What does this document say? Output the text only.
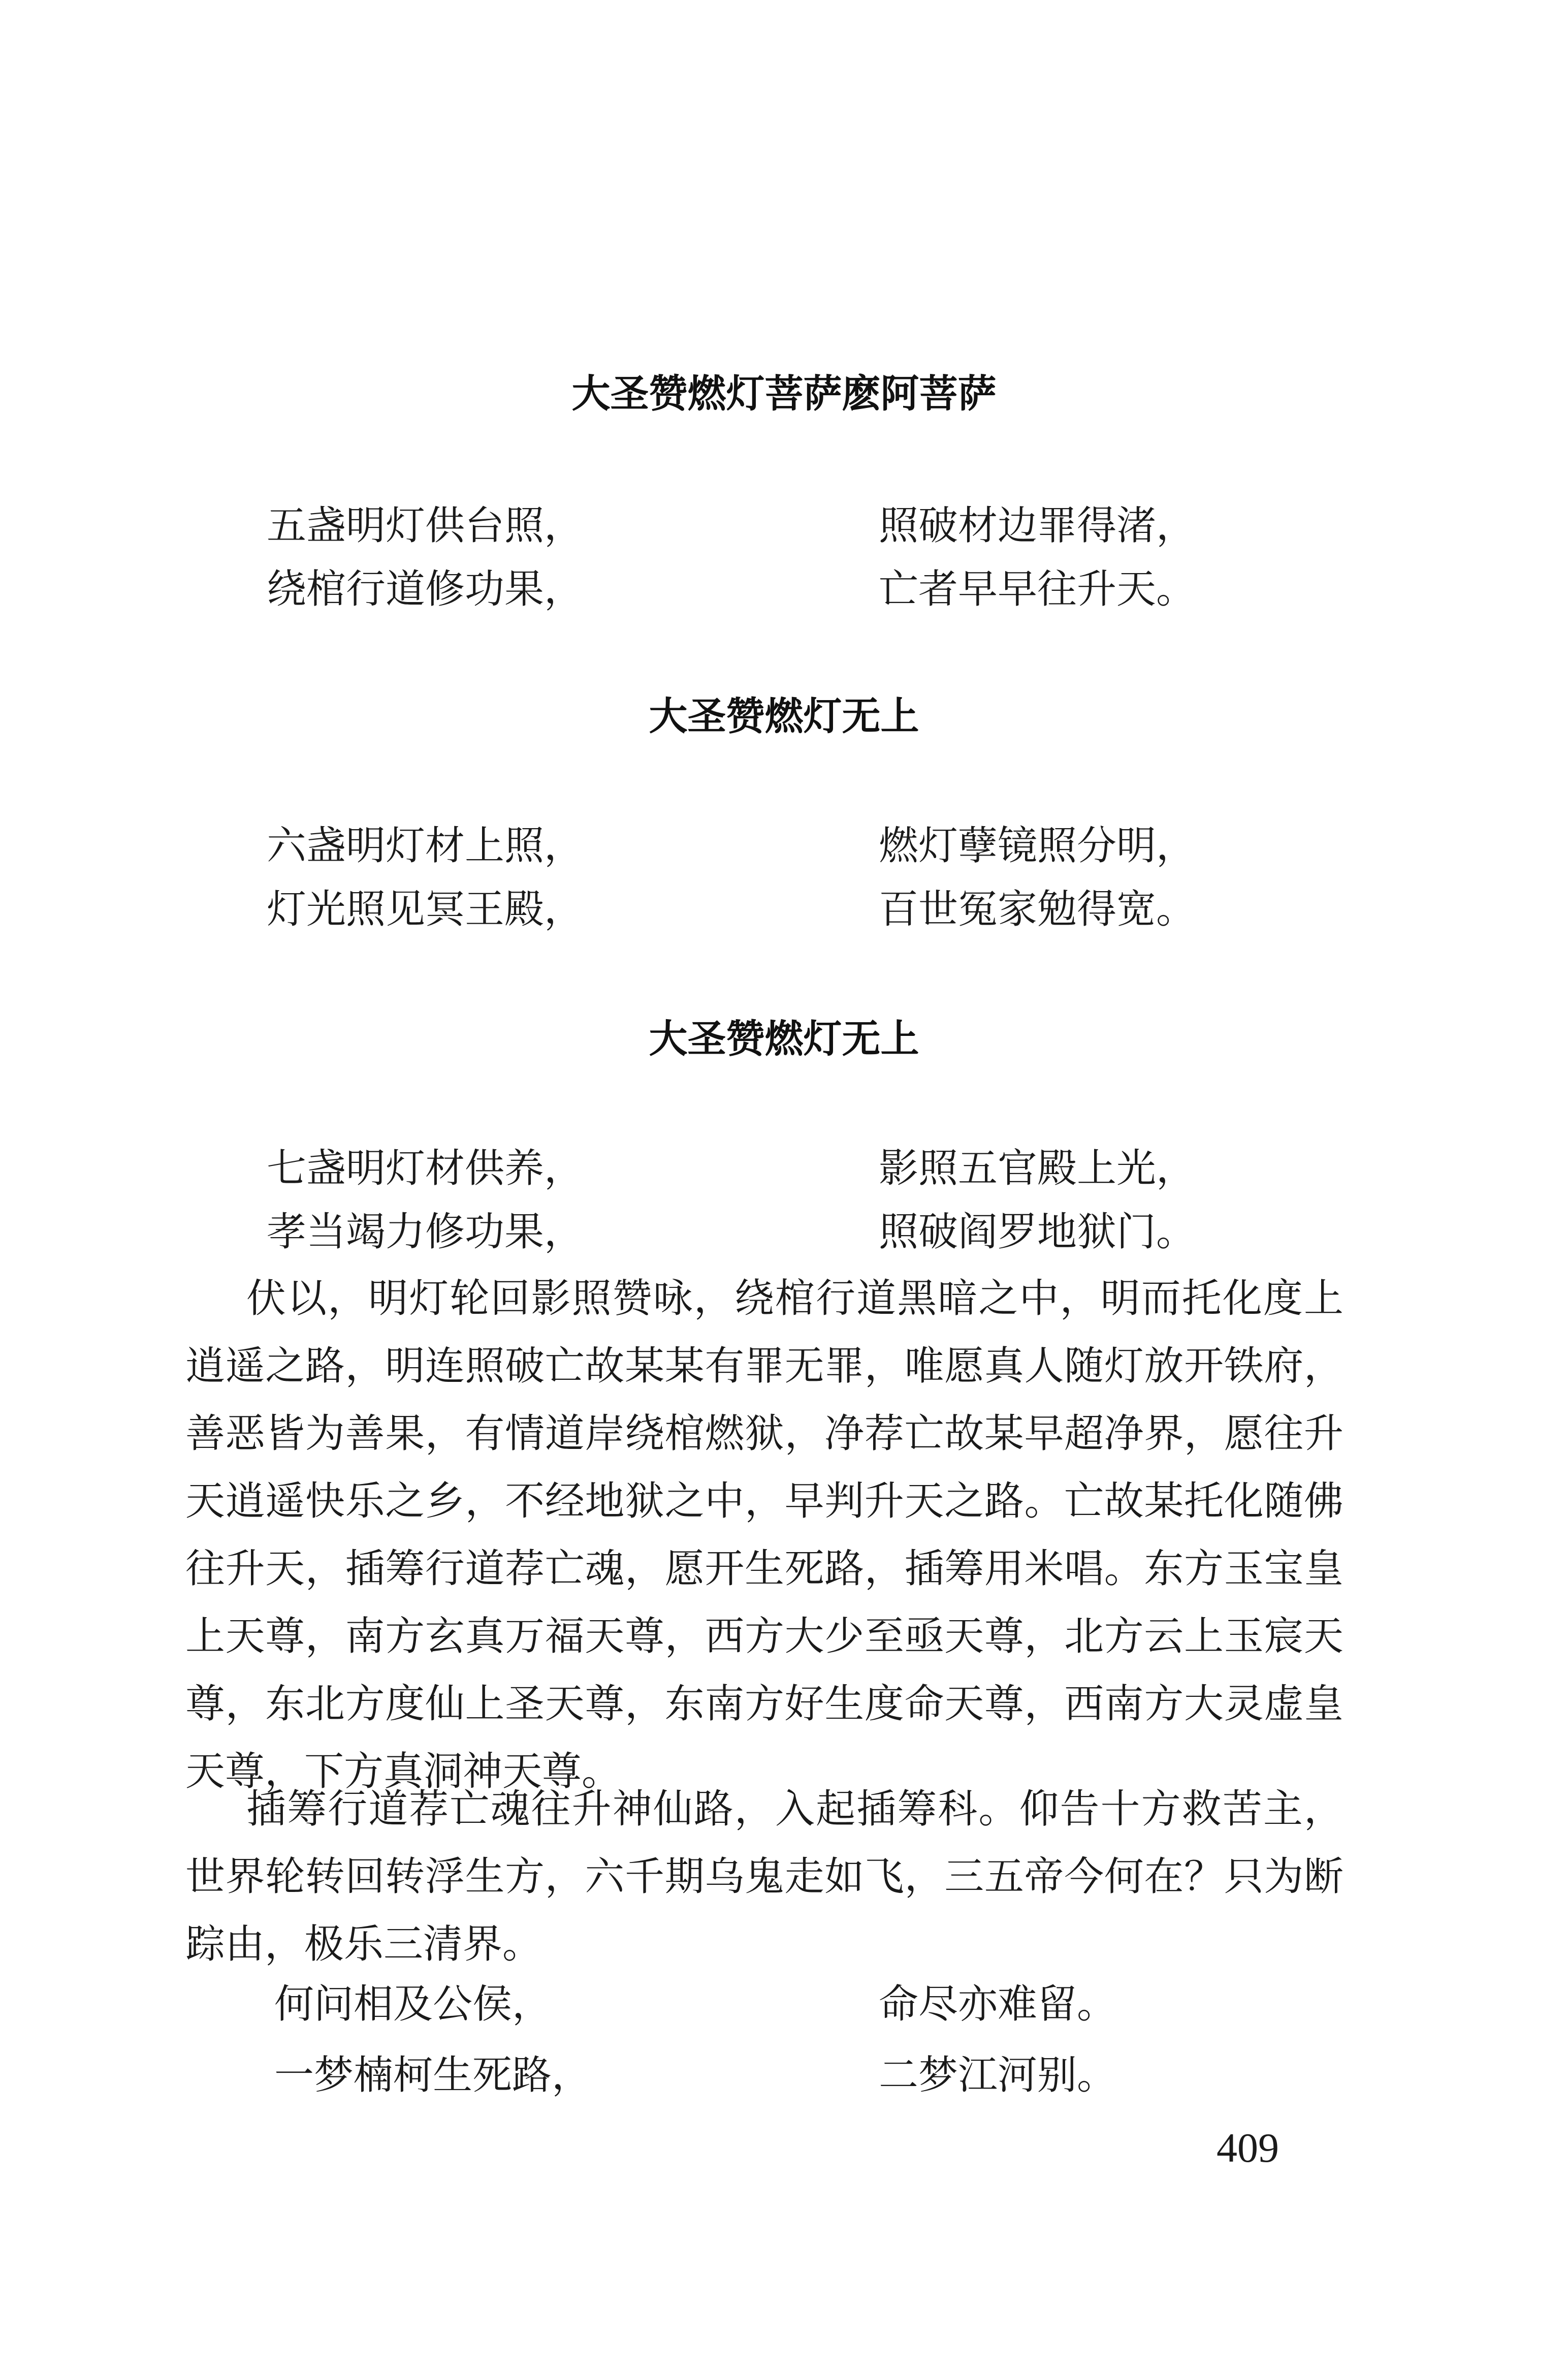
大圣赞燃灯菩萨麽阿菩萨
五盏明灯供台照，	照破材边罪得渚，
绕棺行道修功果，	亡者早早往升天。
大圣赞燃灯无上
六盏明灯材上照，	燃灯孽镜照分明，
灯光照见冥王殿，	百世冤家勉得宽。
大圣赞燃灯无上
七盏明灯材供养，	影照五官殿上光，
孝当竭力修功果，	照破阎罗地狱门。

伏以，明灯轮回影照赞咏，绕棺行道黑暗之中，明而托化度上逍遥之路，明连照破亡故某某有罪无罪，唯愿真人随灯放开铁府，善恶皆为善果，有情道岸绕棺燃狱，净荐亡故某早超净界，愿往升天逍遥快乐之乡，不经地狱之中，早判升天之路。亡故某托化随佛往升天，插筹行道荐亡魂，愿开生死路，插筹用米唱。东方玉宝皇上天尊，南方玄真万福天尊，西方大少至亟天尊，北方云上玉宸天尊，东北方度仙上圣天尊，东南方好生度命天尊，西南方大灵虚皇天尊，下方真洞神天尊。

插筹行道荐亡魂往升神仙路，入起插筹科。仰告十方救苦主，世界轮转回转浮生方，六千期乌鬼走如飞，三五帝今何在？只为断踪由，极乐三清界。

何问相及公侯，	命尽亦难留。
一梦楠柯生死路，	二梦江河别。
409
